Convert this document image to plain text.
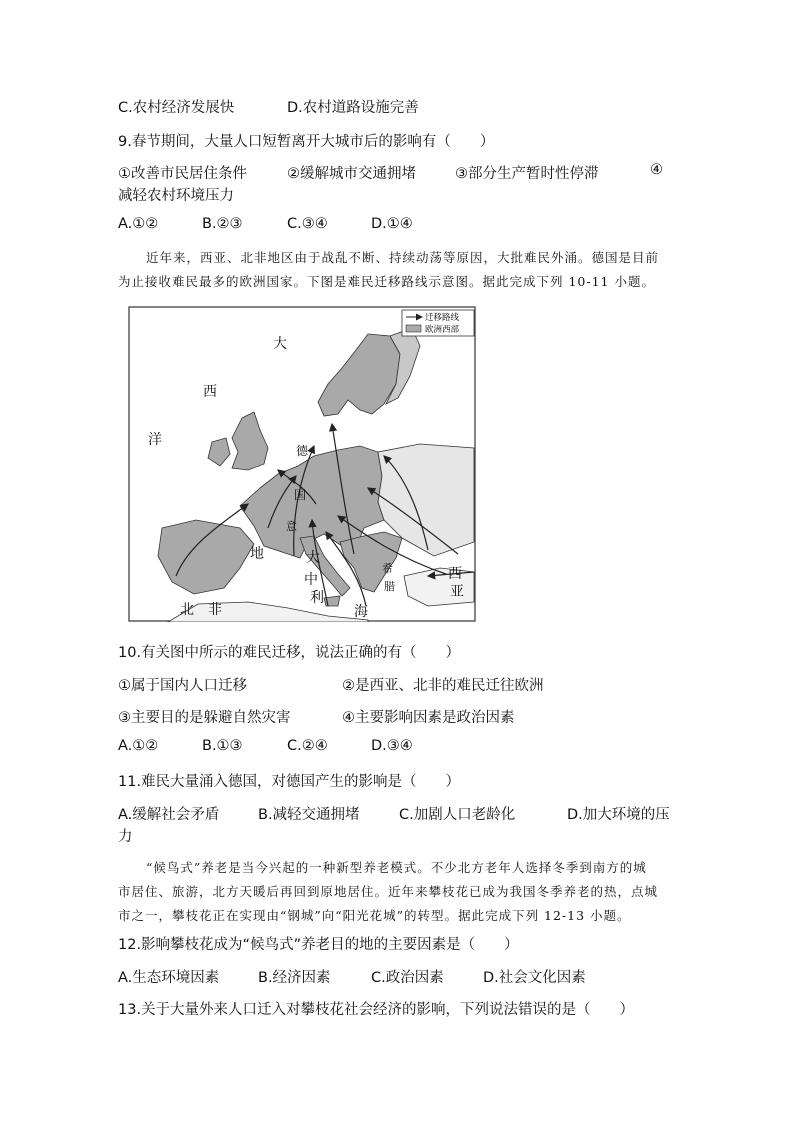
C.农村经济发展快	D.农村道路设施完善
9.春节期间，大量人口短暂离开大城市后的影响有（　　）
①改善市民居住条件	②缓解城市交通拥堵	③部分生产暂时性停滞	④
减轻农村环境压力
A.①②	B.②③	C.③④	D.①④
近年来，西亚、北非地区由于战乱不断、持续动荡等原因，大批难民外涌。德国是目前
为止接收难民最多的欧洲国家。下图是难民迁移路线示意图。据此完成下列 10-11 小题。
迁移路线
欧洲西部
大
西
洋
德
国
意
地	大
中
利
海
希
腊
北　非
西
亚
10.有关图中所示的难民迁移，说法正确的有（　　）
①属于国内人口迁移	②是西亚、北非的难民迁往欧洲
③主要目的是躲避自然灾害	④主要影响因素是政治因素
A.①②	B.①③	C.②④	D.③④
11.难民大量涌入德国，对德国产生的影响是（　　）
A.缓解社会矛盾	B.减轻交通拥堵	C.加剧人口老龄化	D.加大环境的压
力
“候鸟式”养老是当今兴起的一种新型养老模式。不少北方老年人选择冬季到南方的城
市居住、旅游，北方天暖后再回到原地居住。近年来攀枝花已成为我国冬季养老的热，点城
市之一，攀枝花正在实现由“钢城”向“阳光花城”的转型。据此完成下列 12-13 小题。
12.影响攀枝花成为“候鸟式”养老目的地的主要因素是（　　）
A.生态环境因素	B.经济因素	C.政治因素	D.社会文化因素
13.关于大量外来人口迁入对攀枝花社会经济的影响，下列说法错误的是（　　）
